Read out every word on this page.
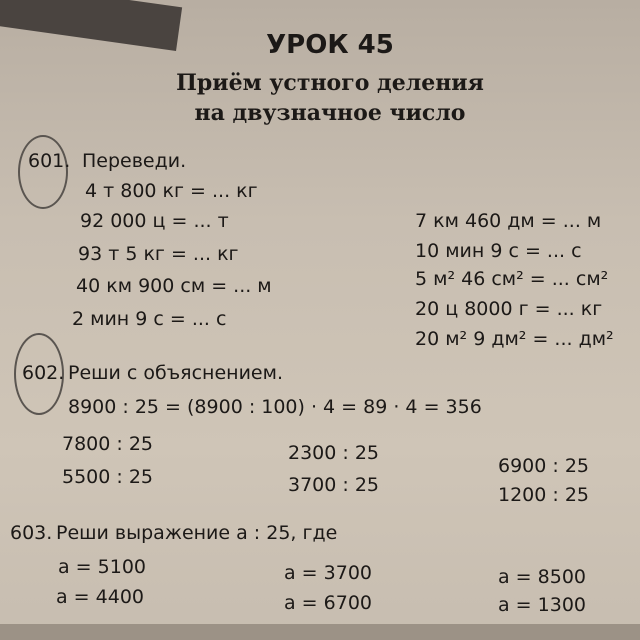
УРОК 45
Приём устного деления
на двузначное число
601. Переведи.
4 т 800 кг = ... кг
92 000 ц = ... т
93 т 5 кг = ... кг
40 км 900 см = ... м
2 мин 9 с = ... с
7 км 460 дм = ... м
10 мин 9 с = ... с
5 м² 46 см² = ... см²
20 ц 8000 г = ... кг
20 м² 9 дм² = ... дм²
602. Реши с объяснением.
8900 : 25 = (8900 : 100) · 4 = 89 · 4 = 356
7800 : 25
5500 : 25
2300 : 25
3700 : 25
6900 : 25
1200 : 25
603. Реши выражение a : 25, где
a = 5100
a = 4400
a = 3700
a = 6700
a = 8500
a = 1300
